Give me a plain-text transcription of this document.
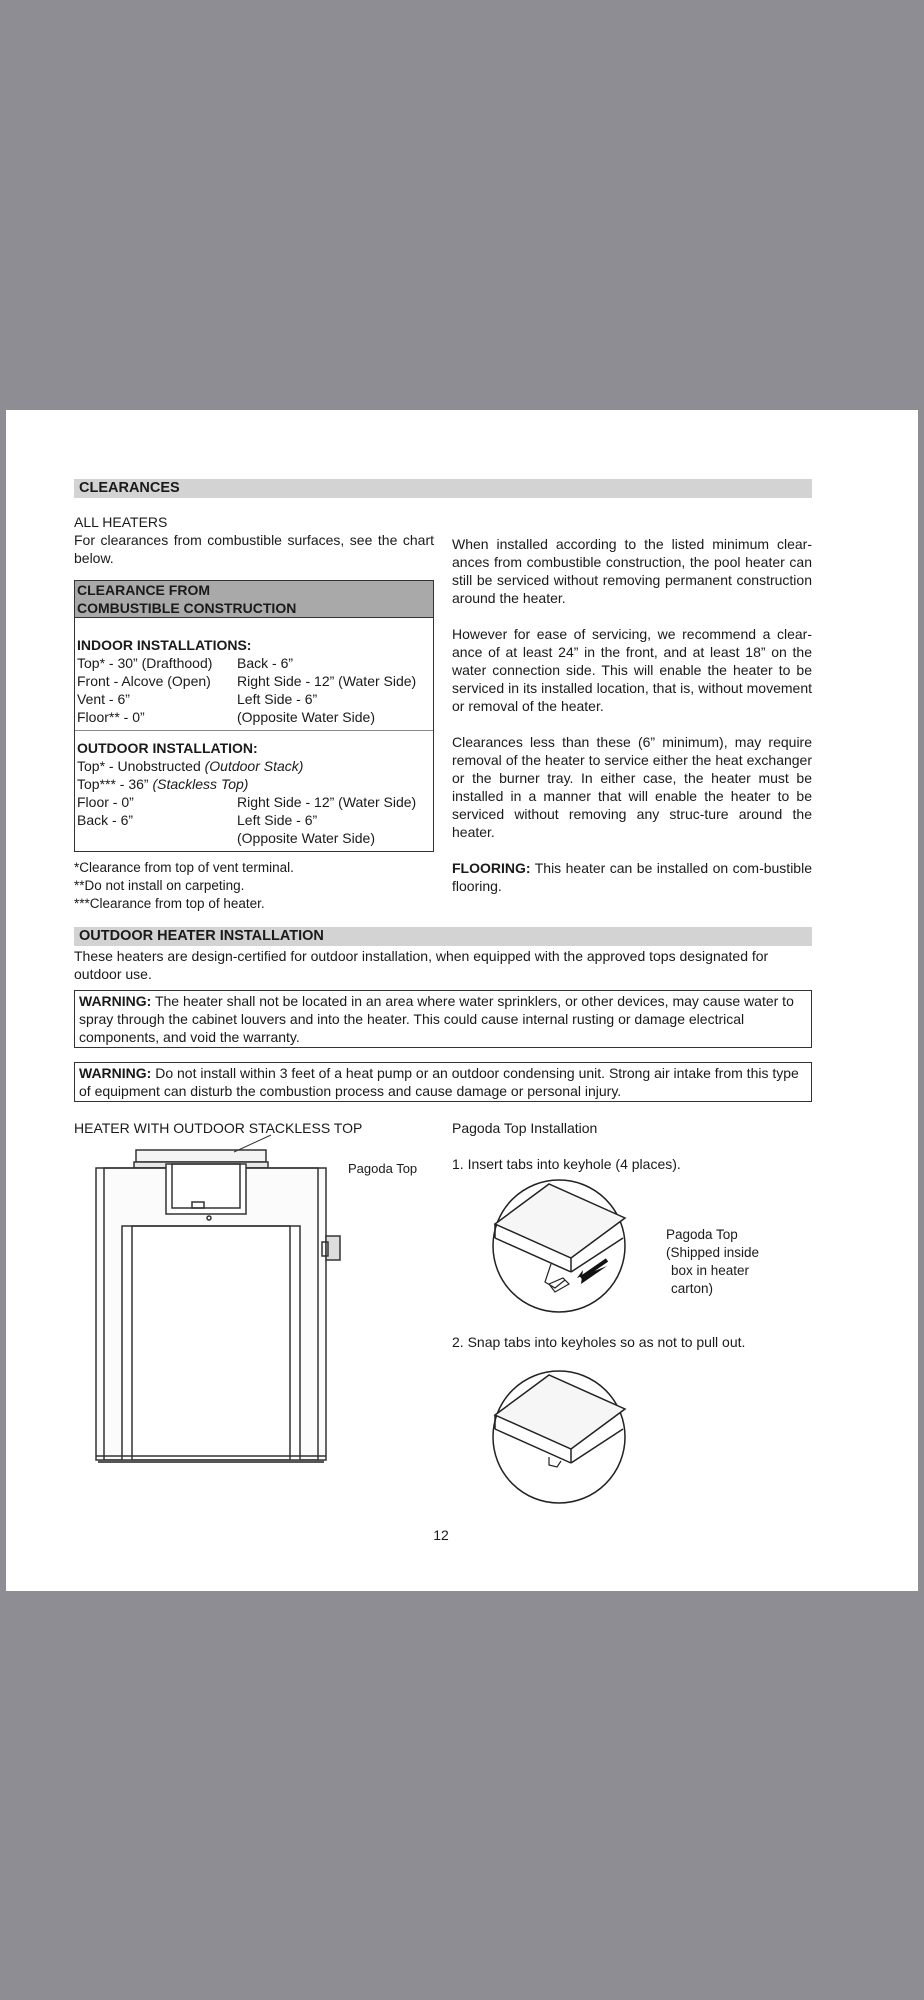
CLEARANCES

ALL HEATERS

For clearances from combustible surfaces, see the chart below.

CLEARANCE FROM
COMBUSTIBLE CONSTRUCTION
INDOOR INSTALLATIONS:
Top* - 30” (Drafthood)	Back - 6”
Front - Alcove (Open)	Right Side - 12” (Water Side)
Vent - 6”	Left Side - 6”
Floor** - 0”	(Opposite Water Side)
OUTDOOR INSTALLATION:
Top* - Unobstructed (Outdoor Stack)
Top*** - 36” (Stackless Top)
Floor - 0”	Right Side - 12” (Water Side)
Back - 6”	Left Side - 6”
(Opposite Water Side)

*Clearance from top of vent terminal.

**Do not install on carpeting.

***Clearance from top of heater.

When installed according to the listed minimum clear-ances from combustible construction, the pool heater can still be serviced without removing permanent construction around the heater.

However for ease of servicing, we recommend a clear-ance of at least 24” in the front, and at least 18” on the water connection side. This will enable the heater to be serviced in its installed location, that is, without movement or removal of the heater.

Clearances less than these (6” minimum), may require removal of the heater to service either the heat exchanger or the burner tray. In either case, the heater must be installed in a manner that will enable the heater to be serviced without removing any struc-ture around the heater.

FLOORING: This heater can be installed on com-bustible flooring.

OUTDOOR HEATER INSTALLATION
These heaters are design-certified for outdoor installation, when equipped with the approved tops designated for outdoor use.
WARNING: The heater shall not be located in an area where water sprinklers, or other devices, may cause water to spray through the cabinet louvers and into the heater. This could cause internal rusting or damage electrical components, and void the warranty.
WARNING: Do not install within 3 feet of a heat pump or an outdoor condensing unit. Strong air intake from this type of equipment can disturb the combustion process and cause damage or personal injury.
HEATER WITH OUTDOOR STACKLESS TOP	Pagoda Top Installation
Pagoda Top 1. Insert tabs into keyhole (4 places).
Pagoda Top
(Shipped inside
box in heater
carton)
2. Snap tabs into keyholes so as not to pull out.
12
